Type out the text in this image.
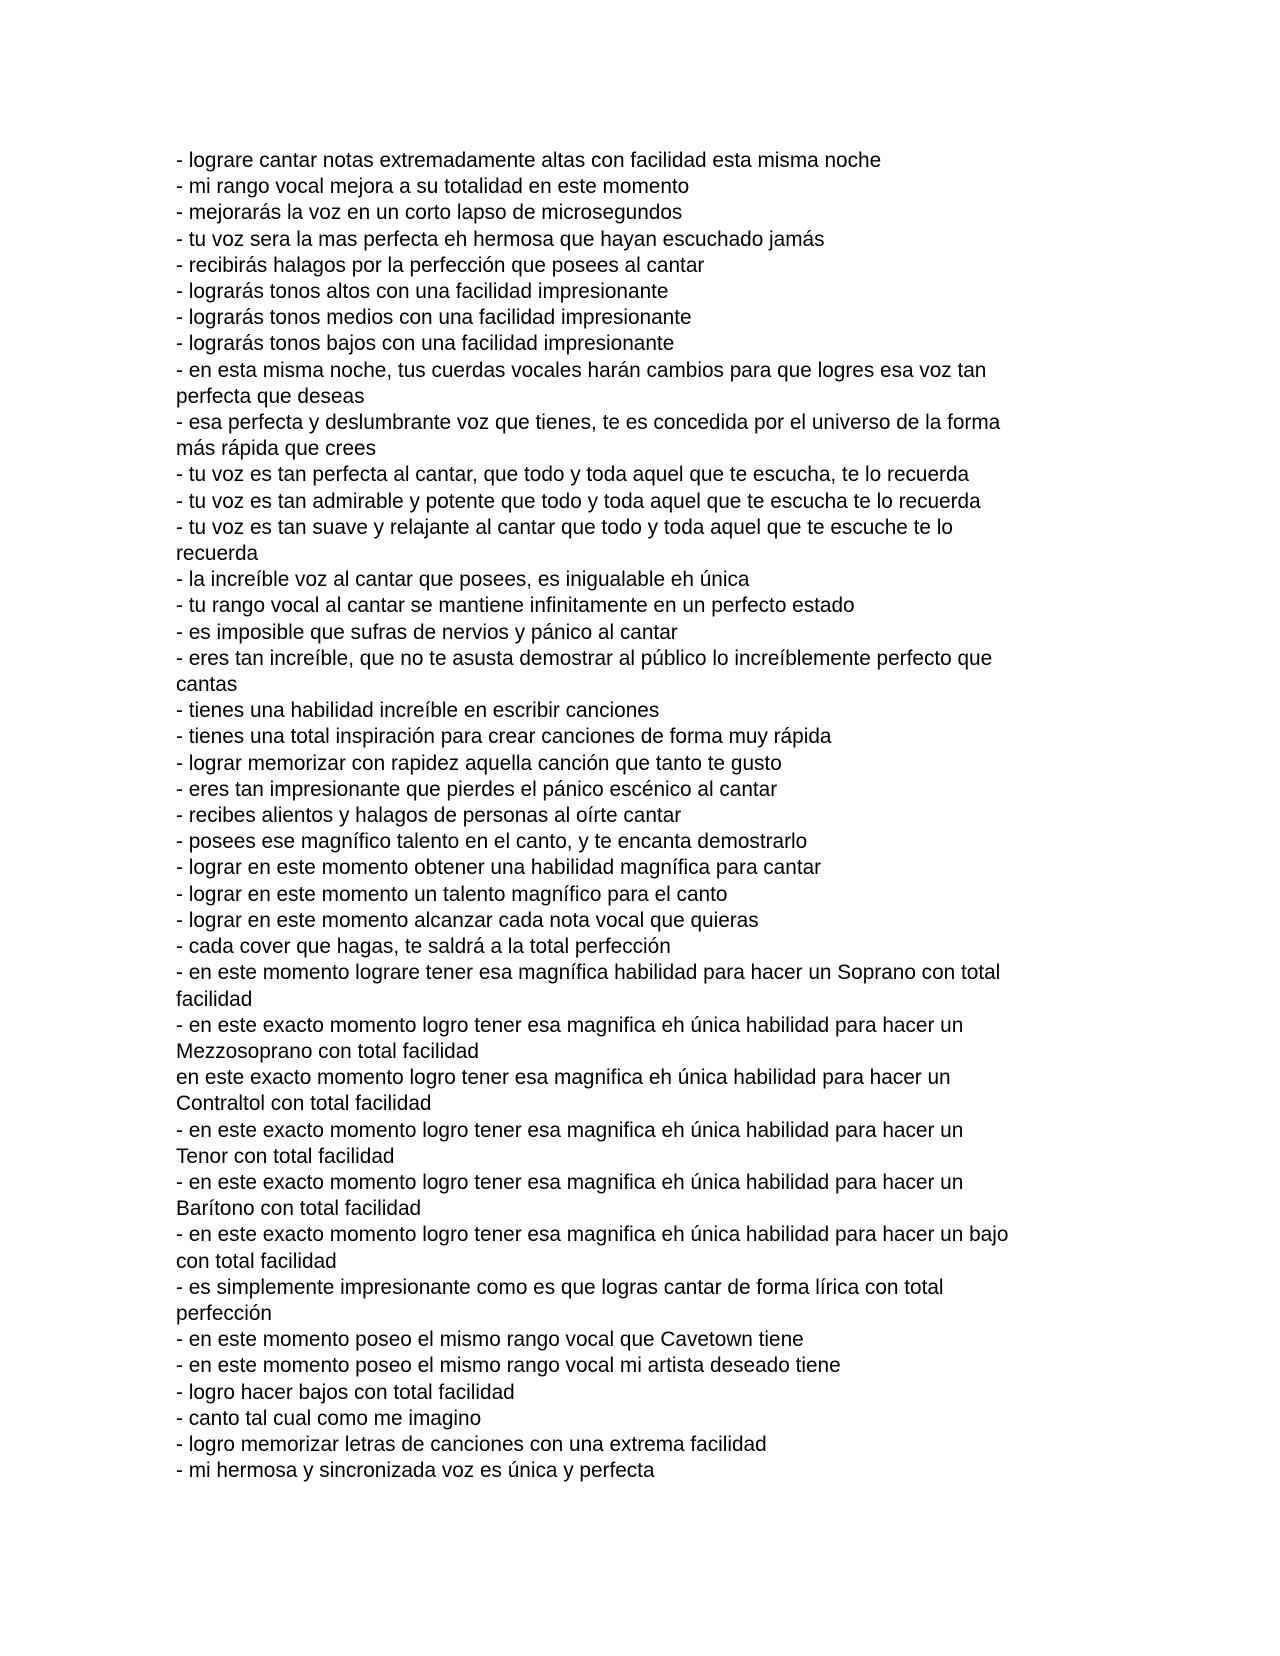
- lograre cantar notas extremadamente altas con facilidad esta misma noche
- mi rango vocal mejora a su totalidad en este momento
- mejorarás la voz en un corto lapso de microsegundos
- tu voz sera la mas perfecta eh hermosa que hayan escuchado jamás
- recibirás halagos por la perfección que posees al cantar
- lograrás tonos altos con una facilidad impresionante
- lograrás tonos medios con una facilidad impresionante
- lograrás tonos bajos con una facilidad impresionante
- en esta misma noche, tus cuerdas vocales harán cambios para que logres esa voz tan
perfecta que deseas
- esa perfecta y deslumbrante voz que tienes, te es concedida por el universo de la forma
más rápida que crees
- tu voz es tan perfecta al cantar, que todo y toda aquel que te escucha, te lo recuerda
- tu voz es tan admirable y potente que todo y toda aquel que te escucha te lo recuerda
- tu voz es tan suave y relajante al cantar que todo y toda aquel que te escuche te lo
recuerda
- la increíble voz al cantar que posees, es inigualable eh única
- tu rango vocal al cantar se mantiene infinitamente en un perfecto estado
- es imposible que sufras de nervios y pánico al cantar
- eres tan increíble, que no te asusta demostrar al público lo increíblemente perfecto que
cantas
- tienes una habilidad increíble en escribir canciones
- tienes una total inspiración para crear canciones de forma muy rápida
- lograr memorizar con rapidez aquella canción que tanto te gusto
- eres tan impresionante que pierdes el pánico escénico al cantar
- recibes alientos y halagos de personas al oírte cantar
- posees ese magnífico talento en el canto, y te encanta demostrarlo
- lograr en este momento obtener una habilidad magnífica para cantar
- lograr en este momento un talento magnífico para el canto
- lograr en este momento alcanzar cada nota vocal que quieras
- cada cover que hagas, te saldrá a la total perfección
- en este momento lograre tener esa magnífica habilidad para hacer un Soprano con total
facilidad
- en este exacto momento logro tener esa magnifica eh única habilidad para hacer un
Mezzosoprano con total facilidad
en este exacto momento logro tener esa magnifica eh única habilidad para hacer un
Contraltol con total facilidad
- en este exacto momento logro tener esa magnifica eh única habilidad para hacer un
Tenor con total facilidad
- en este exacto momento logro tener esa magnifica eh única habilidad para hacer un
Barítono con total facilidad
- en este exacto momento logro tener esa magnifica eh única habilidad para hacer un bajo
con total facilidad
- es simplemente impresionante como es que logras cantar de forma lírica con total
perfección
- en este momento poseo el mismo rango vocal que Cavetown tiene
- en este momento poseo el mismo rango vocal mi artista deseado tiene
- logro hacer bajos con total facilidad
- canto tal cual como me imagino
- logro memorizar letras de canciones con una extrema facilidad
- mi hermosa y sincronizada voz es única y perfecta
